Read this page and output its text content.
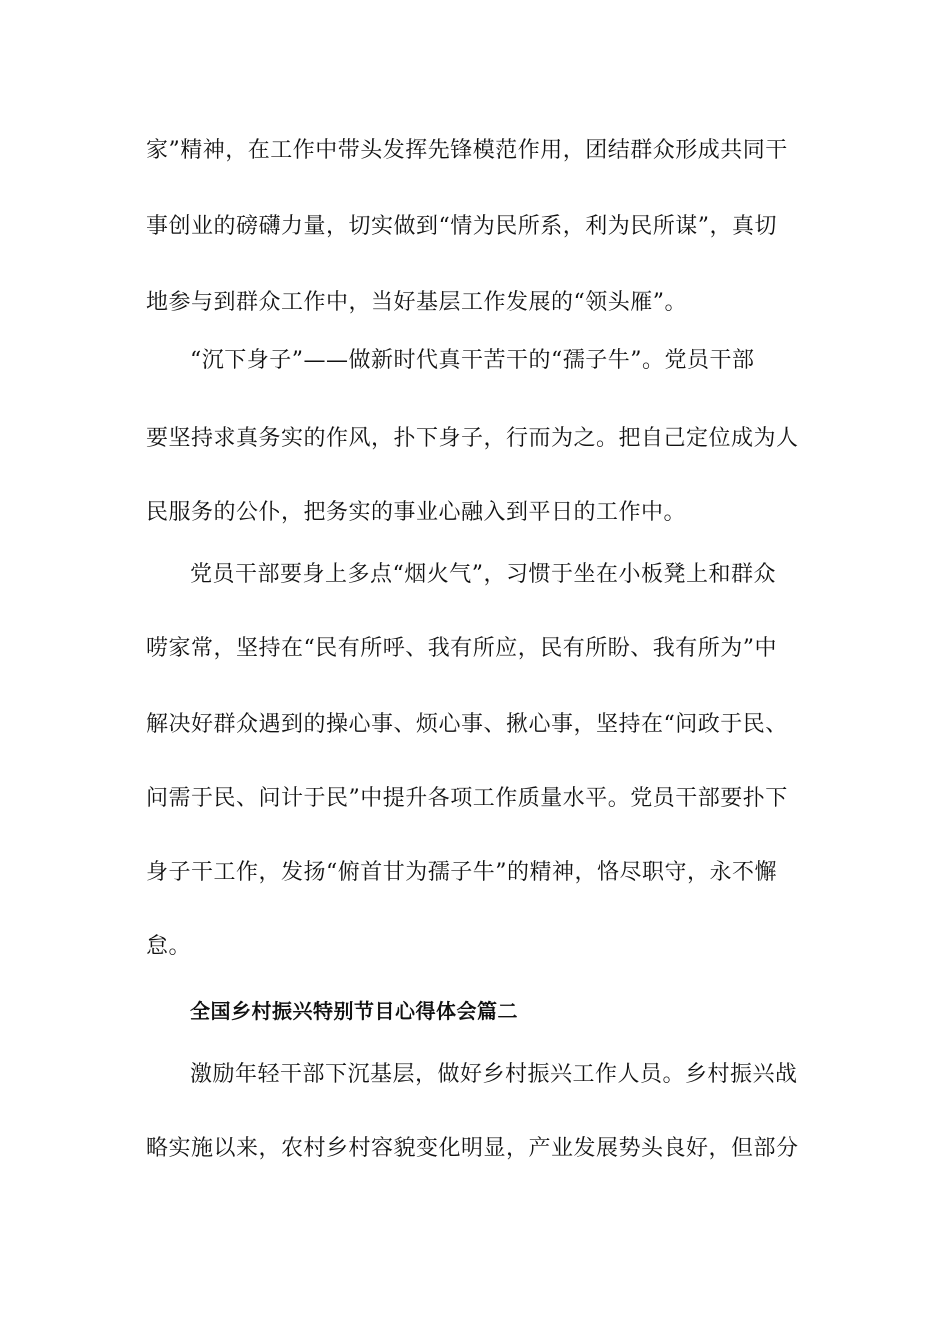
家”精神，在工作中带头发挥先锋模范作用，团结群众形成共同干
事创业的磅礴力量，切实做到“情为民所系，利为民所谋”，真切
地参与到群众工作中，当好基层工作发展的“领头雁”。
“沉下身子”——做新时代真干苦干的“孺子牛”。党员干部
要坚持求真务实的作风，扑下身子，行而为之。把自己定位成为人
民服务的公仆，把务实的事业心融入到平日的工作中。
党员干部要身上多点“烟火气”，习惯于坐在小板凳上和群众
唠家常，坚持在“民有所呼、我有所应，民有所盼、我有所为”中
解决好群众遇到的操心事、烦心事、揪心事，坚持在“问政于民、
问需于民、问计于民”中提升各项工作质量水平。党员干部要扑下
身子干工作，发扬“俯首甘为孺子牛”的精神，恪尽职守，永不懈
怠。
全国乡村振兴特别节目心得体会篇二
激励年轻干部下沉基层，做好乡村振兴工作人员。乡村振兴战
略实施以来，农村乡村容貌变化明显，产业发展势头良好，但部分
